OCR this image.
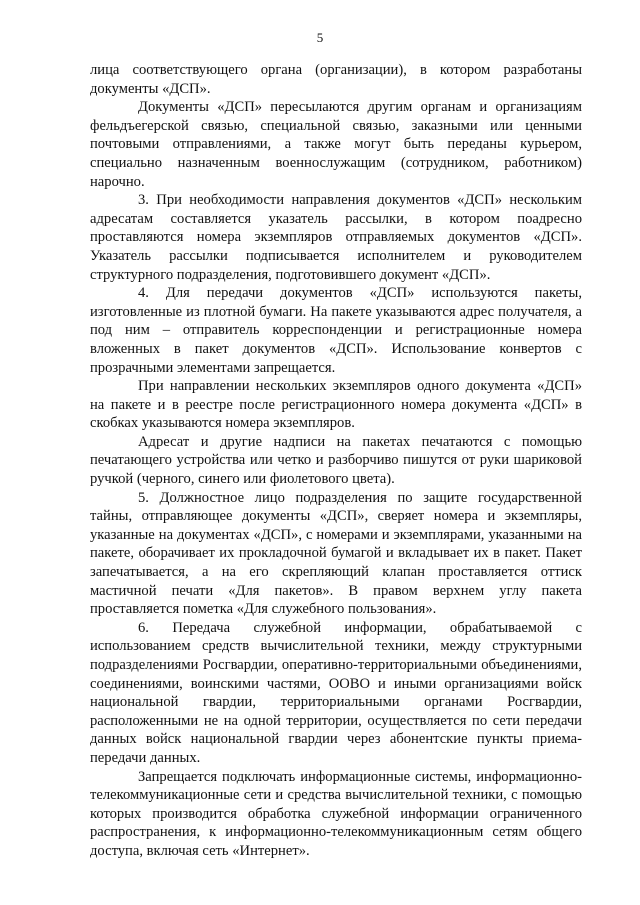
5

лица соответствующего органа (организации), в котором разработаны документы «ДСП».

Документы «ДСП» пересылаются другим органам и организациям фельдъегерской связью, специальной связью, заказными или ценными почтовыми отправлениями, а также могут быть переданы курьером, специально назначенным военнослужащим (сотрудником, работником) нарочно.

3. При необходимости направления документов «ДСП» нескольким адресатам составляется указатель рассылки, в котором поадресно проставляются номера экземпляров отправляемых документов «ДСП». Указатель рассылки подписывается исполнителем и руководителем структурного подразделения, подготовившего документ «ДСП».

4. Для передачи документов «ДСП» используются пакеты, изготовленные из плотной бумаги. На пакете указываются адрес получателя, а под ним – отправитель корреспонденции и регистрационные номера вложенных в пакет документов «ДСП». Использование конвертов с прозрачными элементами запрещается.

При направлении нескольких экземпляров одного документа «ДСП» на пакете и в реестре после регистрационного номера документа «ДСП» в скобках указываются номера экземпляров.

Адресат и другие надписи на пакетах печатаются с помощью печатающего устройства или четко и разборчиво пишутся от руки шариковой ручкой (черного, синего или фиолетового цвета).

5. Должностное лицо подразделения по защите государственной тайны, отправляющее документы «ДСП», сверяет номера и экземпляры, указанные на документах «ДСП», с номерами и экземплярами, указанными на пакете, оборачивает их прокладочной бумагой и вкладывает их в пакет. Пакет запечатывается, а на его скрепляющий клапан проставляется оттиск мастичной печати «Для пакетов». В правом верхнем углу пакета проставляется пометка «Для служебного пользования».

6. Передача служебной информации, обрабатываемой с использованием средств вычислительной техники, между структурными подразделениями Росгвардии, оперативно-территориальными объединениями, соединениями, воинскими частями, ООВО и иными организациями войск национальной гвардии, территориальными органами Росгвардии, расположенными не на одной территории, осуществляется по сети передачи данных войск национальной гвардии через абонентские пункты приема-передачи данных.

Запрещается подключать информационные системы, информационно-телекоммуникационные сети и средства вычислительной техники, с помощью которых производится обработка служебной информации ограниченного распространения, к информационно-телекоммуникационным сетям общего доступа, включая сеть «Интернет».
